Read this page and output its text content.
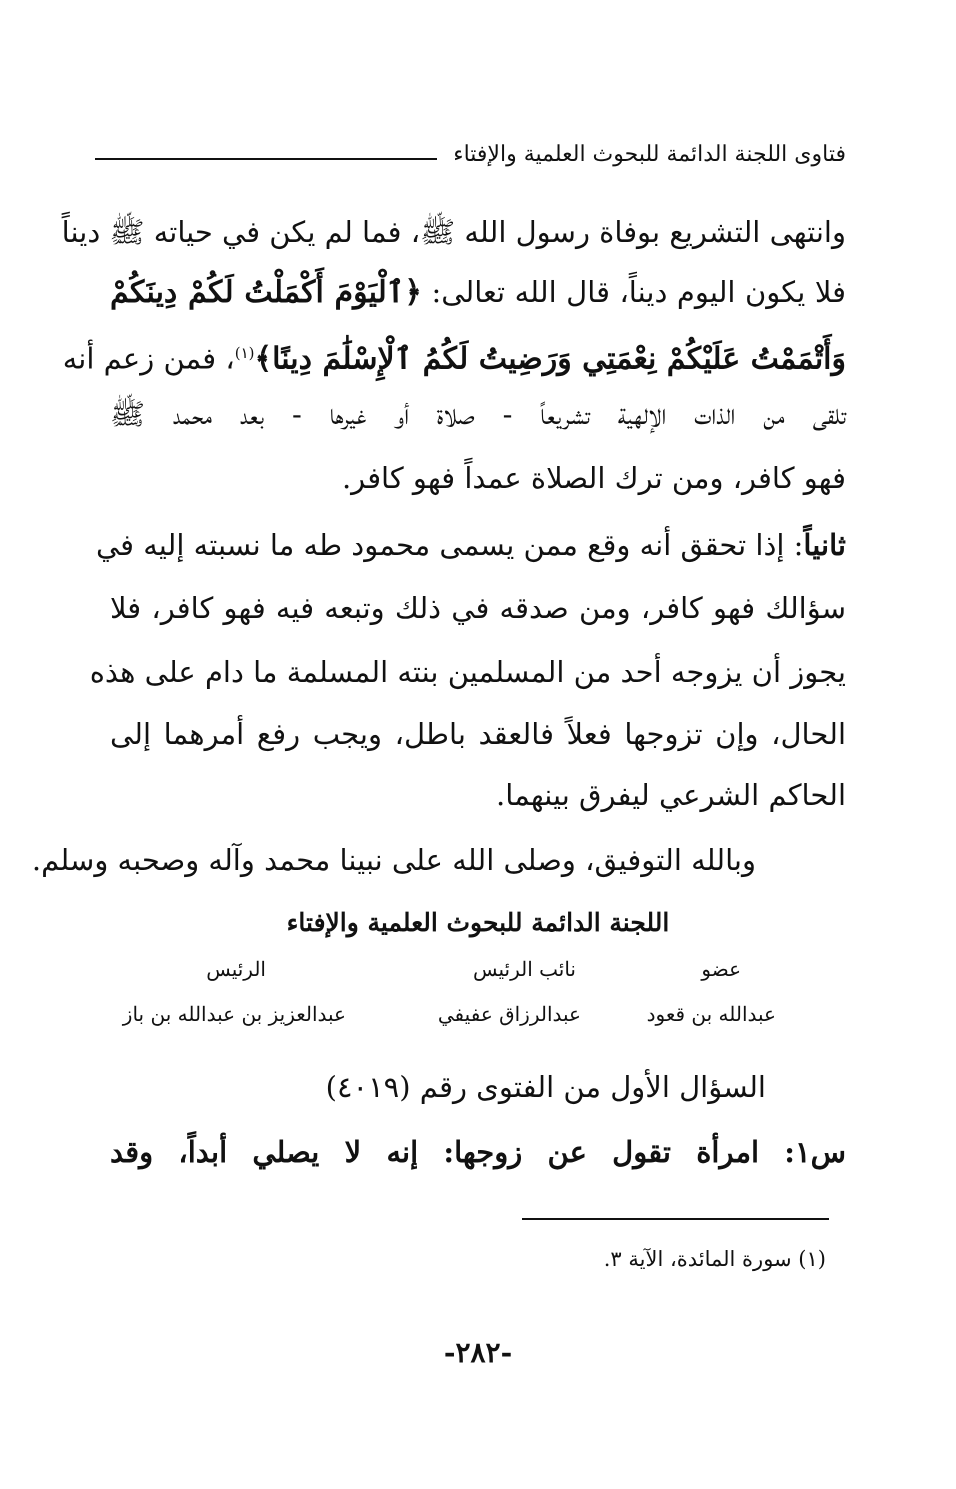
فتاوى اللجنة الدائمة للبحوث العلمية والإفتاء
وانتهى التشريع بوفاة رسول الله ﷺ، فما لم يكن في حياته ﷺ ديناً
فلا يكون اليوم ديناً، قال الله تعالى: ﴿ٱلْيَوْمَ أَكْمَلْتُ لَكُمْ دِينَكُمْ
وَأَتْمَمْتُ عَلَيْكُمْ نِعْمَتِي وَرَضِيتُ لَكُمُ ٱلْإِسْلَٰمَ دِينًا﴾$^{(١)}$، فمن زعم أنه
تلقى من الذات الإلهية تشريعاً - صلاة أو غيرها - بعد محمد ﷺ
فهو كافر، ومن ترك الصلاة عمداً فهو كافر.
ثانياً: إذا تحقق أنه وقع ممن يسمى محمود طه ما نسبته إليه في
سؤالك فهو كافر، ومن صدقه في ذلك وتبعه فيه فهو كافر، فلا
يجوز أن يزوجه أحد من المسلمين بنته المسلمة ما دام على هذه
الحال، وإن تزوجها فعلاً فالعقد باطل، ويجب رفع أمرهما إلى
الحاكم الشرعي ليفرق بينهما.
وبالله التوفيق، وصلى الله على نبينا محمد وآله وصحبه وسلم.
اللجنة الدائمة للبحوث العلمية والإفتاء
عضو
نائب الرئيس
الرئيس
عبدالله بن قعود
عبدالرزاق عفيفي
عبدالعزيز بن عبدالله بن باز
السؤال الأول من الفتوى رقم (٤٠١٩)
س١: امرأة تقول عن زوجها: إنه لا يصلي أبداً، وقد
(١) سورة المائدة، الآية ٣.
-٢٨٢-
